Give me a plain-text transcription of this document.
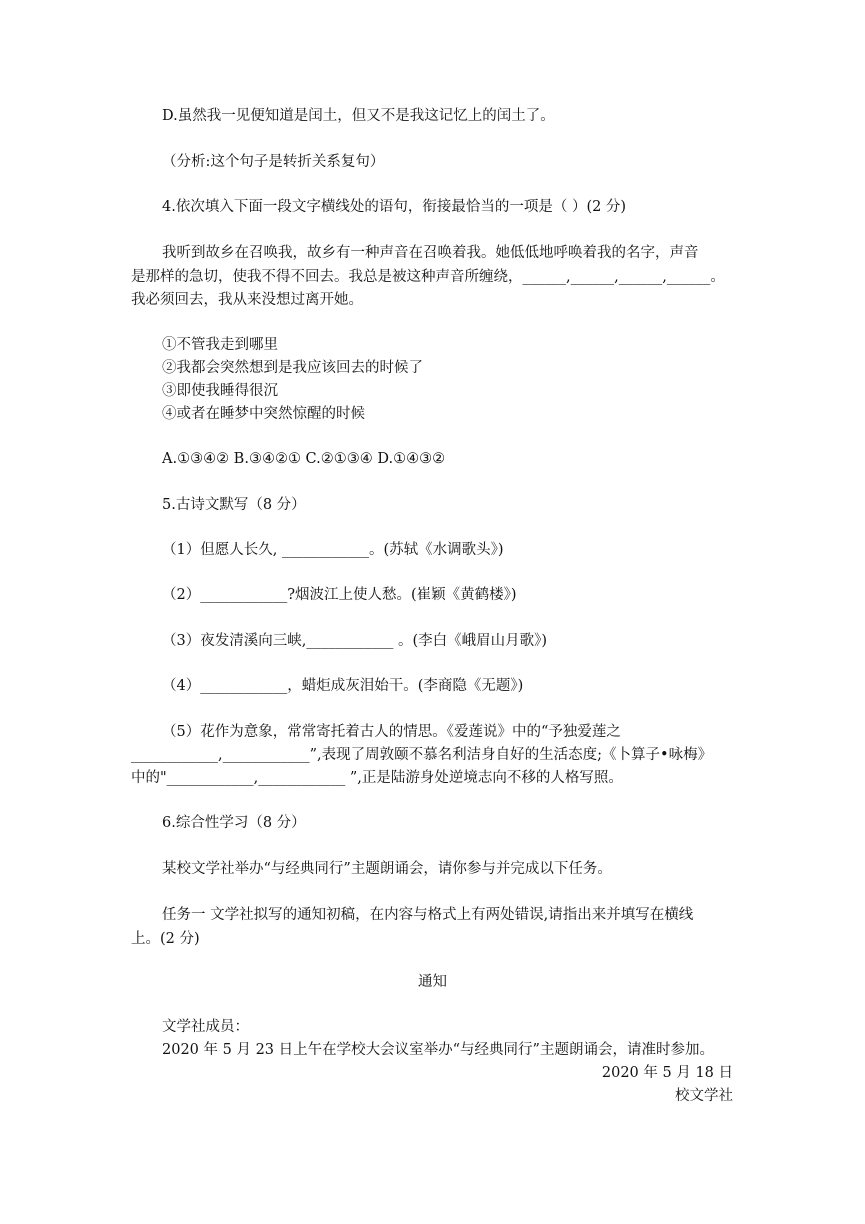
D.虽然我一见便知道是闰土，但又不是我这记忆上的闰土了。
（分析:这个句子是转折关系复句）
4.依次填入下面一段文字横线处的语句，衔接最恰当的一项是（ ）(2 分)
我听到故乡在召唤我，故乡有一种声音在召唤着我。她低低地呼唤着我的名字，声音
是那样的急切，使我不得不回去。我总是被这种声音所缠绕，______,______,______,______。
我必须回去，我从来没想过离开她。
①不管我走到哪里
②我都会突然想到是我应该回去的时候了
③即使我睡得很沉
④或者在睡梦中突然惊醒的时候
A.①③④② B.③④②① C.②①③④ D.①④③②
5.古诗文默写（8 分）
（1）但愿人长久, ____________。(苏轼《水调歌头》)
（2）____________?烟波江上使人愁。(崔颖《黄鹤楼》)
（3）夜发清溪向三峡,____________ 。(李白《峨眉山月歌》)
（4）____________，蜡炬成灰泪始干。(李商隐《无题》)
（5）花作为意象，常常寄托着古人的情思。《爱莲说》中的“予独爱莲之
____________,____________”,表现了周敦颐不慕名利洁身自好的生活态度;《卜算子•咏梅》
中的"____________,____________ ”,正是陆游身处逆境志向不移的人格写照。
6.综合性学习（8 分）
某校文学社举办“与经典同行”主题朗诵会，请你参与并完成以下任务。
任务一 文学社拟写的通知初稿，在内容与格式上有两处错误,请指出来并填写在横线
上。(2 分)
通知
文学社成员：
2020 年 5 月 23 日上午在学校大会议室举办“与经典同行”主题朗诵会，请准时参加。
2020 年 5 月 18 日
校文学社
